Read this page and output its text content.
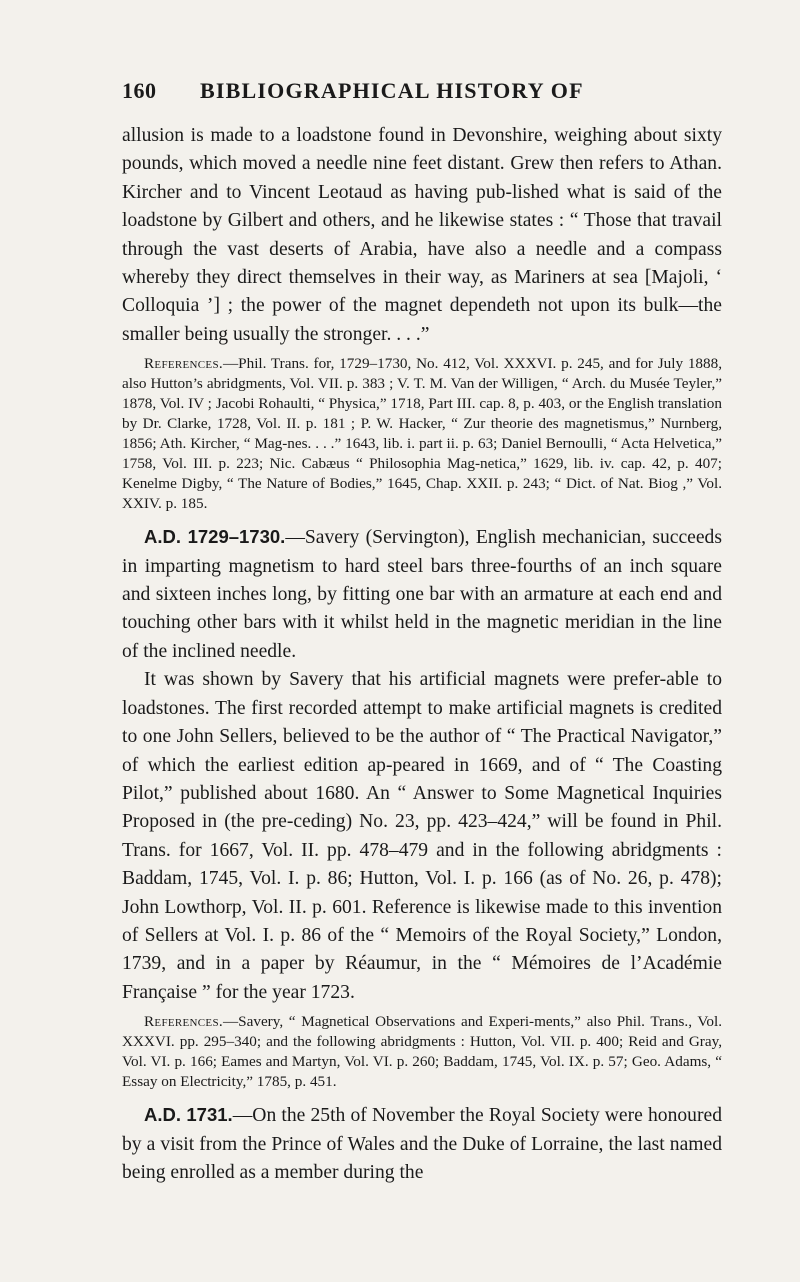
160 BIBLIOGRAPHICAL HISTORY OF

allusion is made to a loadstone found in Devonshire, weighing about sixty pounds, which moved a needle nine feet distant. Grew then refers to Athan. Kircher and to Vincent Leotaud as having pub-lished what is said of the loadstone by Gilbert and others, and he likewise states : “ Those that travail through the vast deserts of Arabia, have also a needle and a compass whereby they direct themselves in their way, as Mariners at sea [Majoli, ‘ Colloquia ’] ; the power of the magnet dependeth not upon its bulk—the smaller being usually the stronger. . . .”

References.—Phil. Trans. for, 1729–1730, No. 412, Vol. XXXVI. p. 245, and for July 1888, also Hutton’s abridgments, Vol. VII. p. 383 ; V. T. M. Van der Willigen, “ Arch. du Musée Teyler,” 1878, Vol. IV ; Jacobi Rohaulti, “ Physica,” 1718, Part III. cap. 8, p. 403, or the English translation by Dr. Clarke, 1728, Vol. II. p. 181 ; P. W. Hacker, “ Zur theorie des magnetismus,” Nurnberg, 1856; Ath. Kircher, “ Mag-nes. . . .” 1643, lib. i. part ii. p. 63; Daniel Bernoulli, “ Acta Helvetica,” 1758, Vol. III. p. 223; Nic. Cabæus “ Philosophia Mag-netica,” 1629, lib. iv. cap. 42, p. 407; Kenelme Digby, “ The Nature of Bodies,” 1645, Chap. XXII. p. 243; “ Dict. of Nat. Biog ,” Vol. XXIV. p. 185.

A.D. 1729–1730.—Savery (Servington), English mechanician, succeeds in imparting magnetism to hard steel bars three-fourths of an inch square and sixteen inches long, by fitting one bar with an armature at each end and touching other bars with it whilst held in the magnetic meridian in the line of the inclined needle.

It was shown by Savery that his artificial magnets were prefer-able to loadstones. The first recorded attempt to make artificial magnets is credited to one John Sellers, believed to be the author of “ The Practical Navigator,” of which the earliest edition ap-peared in 1669, and of “ The Coasting Pilot,” published about 1680. An “ Answer to Some Magnetical Inquiries Proposed in (the pre-ceding) No. 23, pp. 423–424,” will be found in Phil. Trans. for 1667, Vol. II. pp. 478–479 and in the following abridgments : Baddam, 1745, Vol. I. p. 86; Hutton, Vol. I. p. 166 (as of No. 26, p. 478); John Lowthorp, Vol. II. p. 601. Reference is likewise made to this invention of Sellers at Vol. I. p. 86 of the “ Memoirs of the Royal Society,” London, 1739, and in a paper by Réaumur, in the “ Mémoires de l’Académie Française ” for the year 1723.

References.—Savery, “ Magnetical Observations and Experi-ments,” also Phil. Trans., Vol. XXXVI. pp. 295–340; and the following abridgments : Hutton, Vol. VII. p. 400; Reid and Gray, Vol. VI. p. 166; Eames and Martyn, Vol. VI. p. 260; Baddam, 1745, Vol. IX. p. 57; Geo. Adams, “ Essay on Electricity,” 1785, p. 451.

A.D. 1731.—On the 25th of November the Royal Society were honoured by a visit from the Prince of Wales and the Duke of Lorraine, the last named being enrolled as a member during the
